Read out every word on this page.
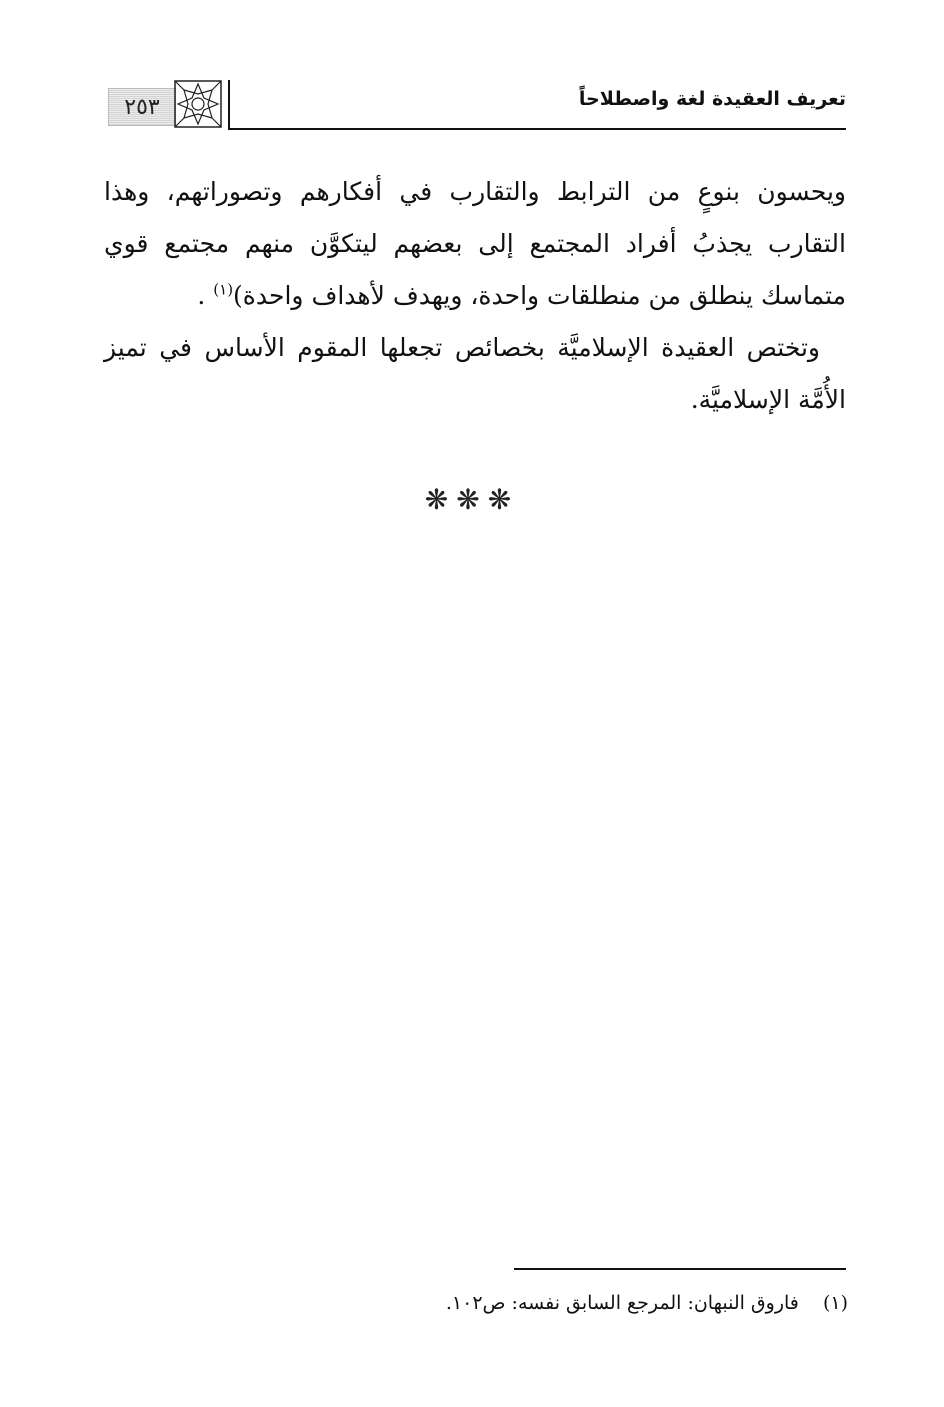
٢٥٣	تعريف العقيدة لغة واصطلاحاً

ويحسون بنوعٍ من الترابط والتقارب في أفكارهم وتصوراتهم، وهذا
التقارب يجذبُ أفراد المجتمع إلى بعضهم ليتكوَّن منهم مجتمع قوي
متماسك ينطلق من منطلقات واحدة، ويهدف لأهداف واحدة)$^{(١)}$ .

وتختص العقيدة الإسلاميَّة بخصائص تجعلها المقوم الأساس في تميز
الأُمَّة الإسلاميَّة.

❋❋❋
(١) فاروق النبهان: المرجع السابق نفسه: ص١٠٢.
